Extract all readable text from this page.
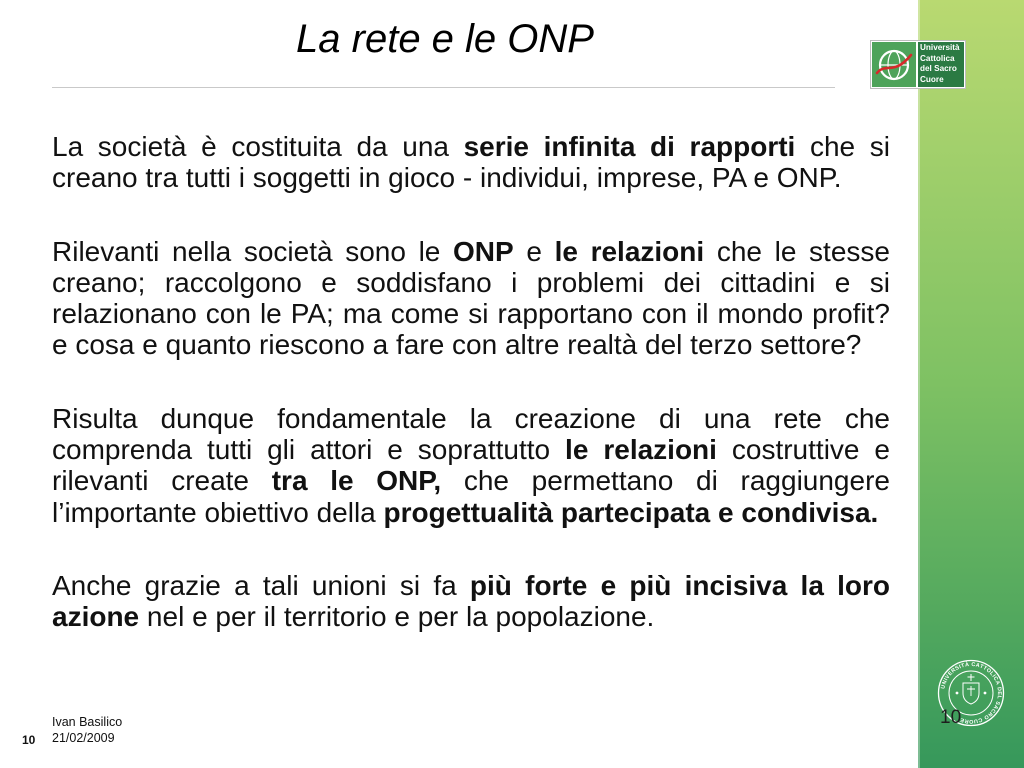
La rete e le ONP	Università
Cattolica
del Sacro
Cuore

La società è costituita da una serie infinita di rapporti che si creano tra tutti i soggetti in gioco - individui, imprese, PA e ONP.

Rilevanti nella società sono le ONP e le relazioni che le stesse creano; raccolgono e soddisfano i problemi dei cittadini e si relazionano con le PA; ma come si rapportano con il mondo profit? e cosa e quanto riescono a fare con altre realtà del terzo settore?

Risulta dunque fondamentale la creazione di una rete che comprenda tutti gli attori e soprattutto le relazioni costruttive e rilevanti create tra le ONP, che permettano di raggiungere l’importante obiettivo della progettualità partecipata e condivisa.

Anche grazie a tali unioni si fa più forte e più incisiva la loro azione nel e per il territorio e per la popolazione.

UNIVERSITÀ CATTOLICA DEL SACRO CUORE
10
10
Ivan Basilico
21/02/2009
